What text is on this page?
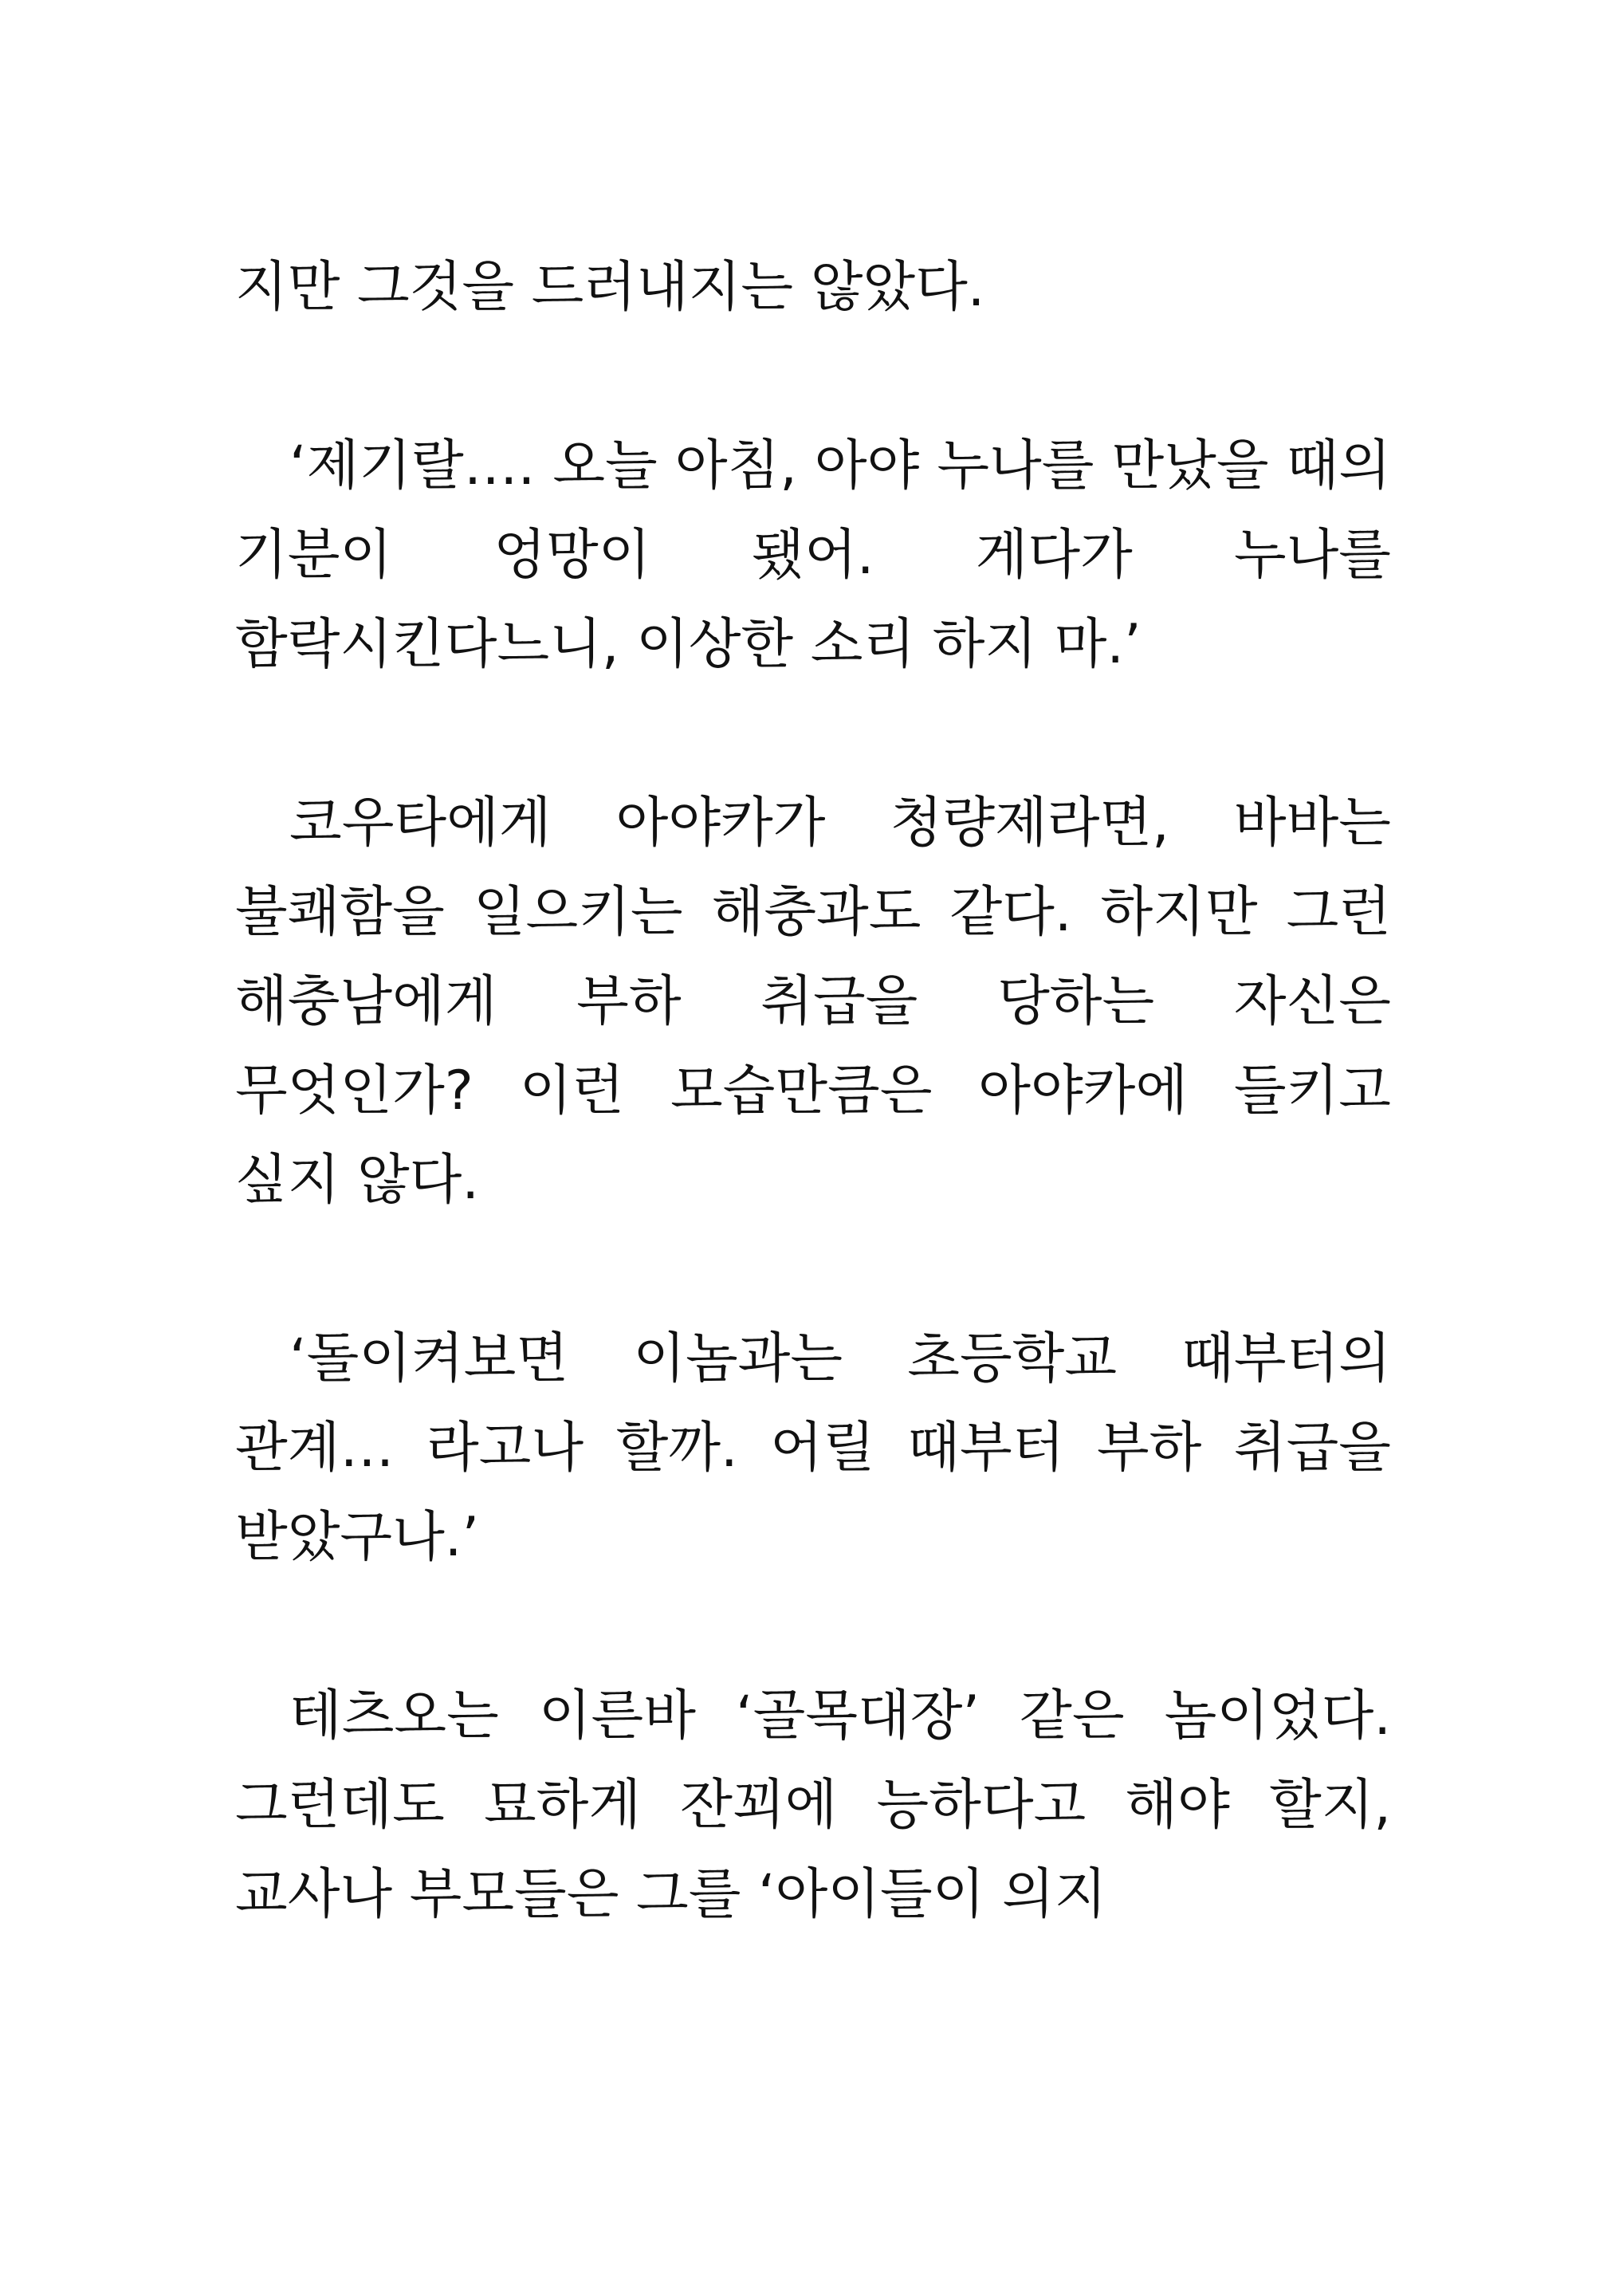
지만 그것을 드러내지는 않았다.

‘제기랄…. 오늘 아침, 아야 누나를 만났을 때의 기분이 엉망이 됐어. 게다가 누나를 함락시킨다느니, 이상한 소리 하지 마.’

코우타에게 아야카가 청량제라면, 바바는 불쾌함을 일으키는 해충과도 같다. 하지만 그런 해충남에게 부하 취급을 당하는 자신은 무엇인가? 이런 모습만큼은 아야카에 들키고 싶지 않다.

‘돌이켜보면 이놈과는 초등학교 때부터의 관계… 라고나 할까. 어릴 때부터 부하 취급을 받았구나.’

테츠오는 이른바 ‘골목대장’ 같은 놈이었다. 그런데도 묘하게 잔꾀에 능하다고 해야 할지, 교사나 부모들은 그를 ‘아이들이 의지
